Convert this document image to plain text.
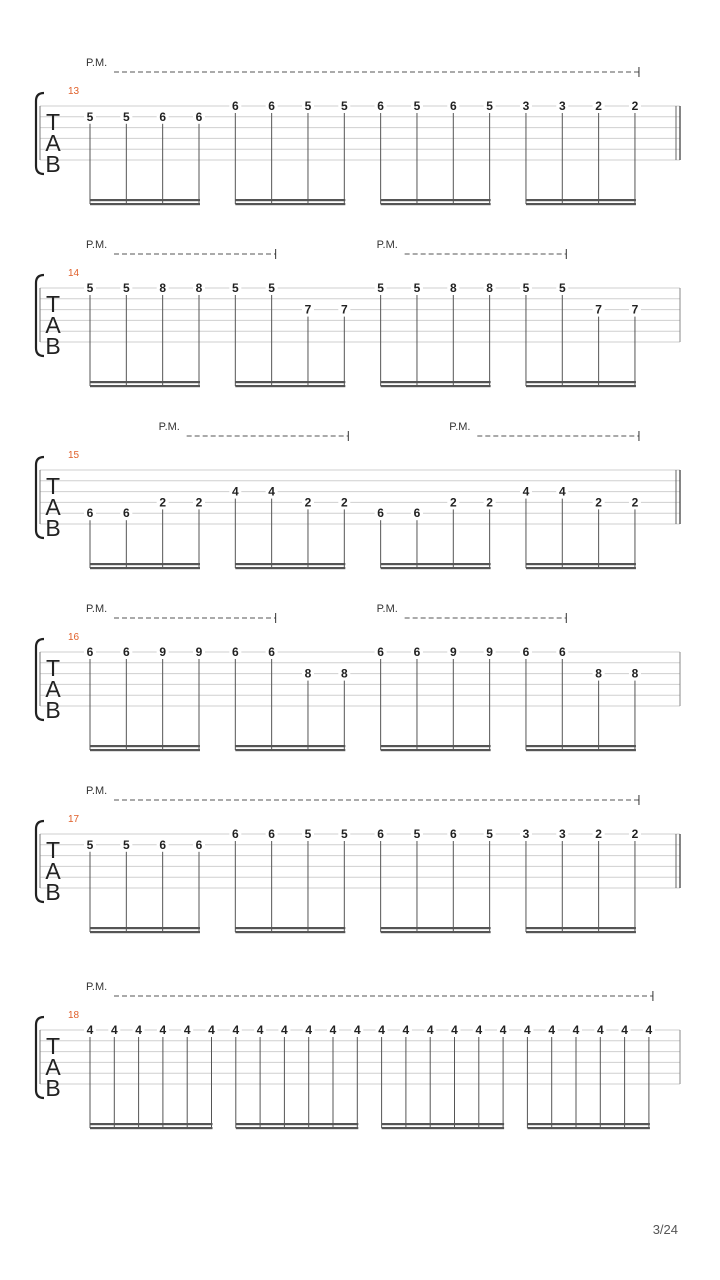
T
A
B
13
P.M.
5 5 6 6
6 6 5 5 6 5 6 5 3 3 2 2
T
A
B
14
P.M.	P.M.
5 5 8 8 5 5
7 7
5 5 8 8 5 5
7 7
T
A
B
15
P.M.	P.M.
6 6
2 2
4 4
2 2
6 6
2 2
4 4
2 2
T
A
B
16
P.M.	P.M.
6 6 9 9 6 6
8 8
6 6 9 9 6 6
8 8
T
A
B
17
P.M.
5 5 6 6
6 6 5 5 6 5 6 5 3 3 2 2
T
A
B
18
P.M.
4 4 4 4 4 4 4 4 4 4 4 4 4 4 4 4 4 4 4 4 4 4 4 4
3/24
